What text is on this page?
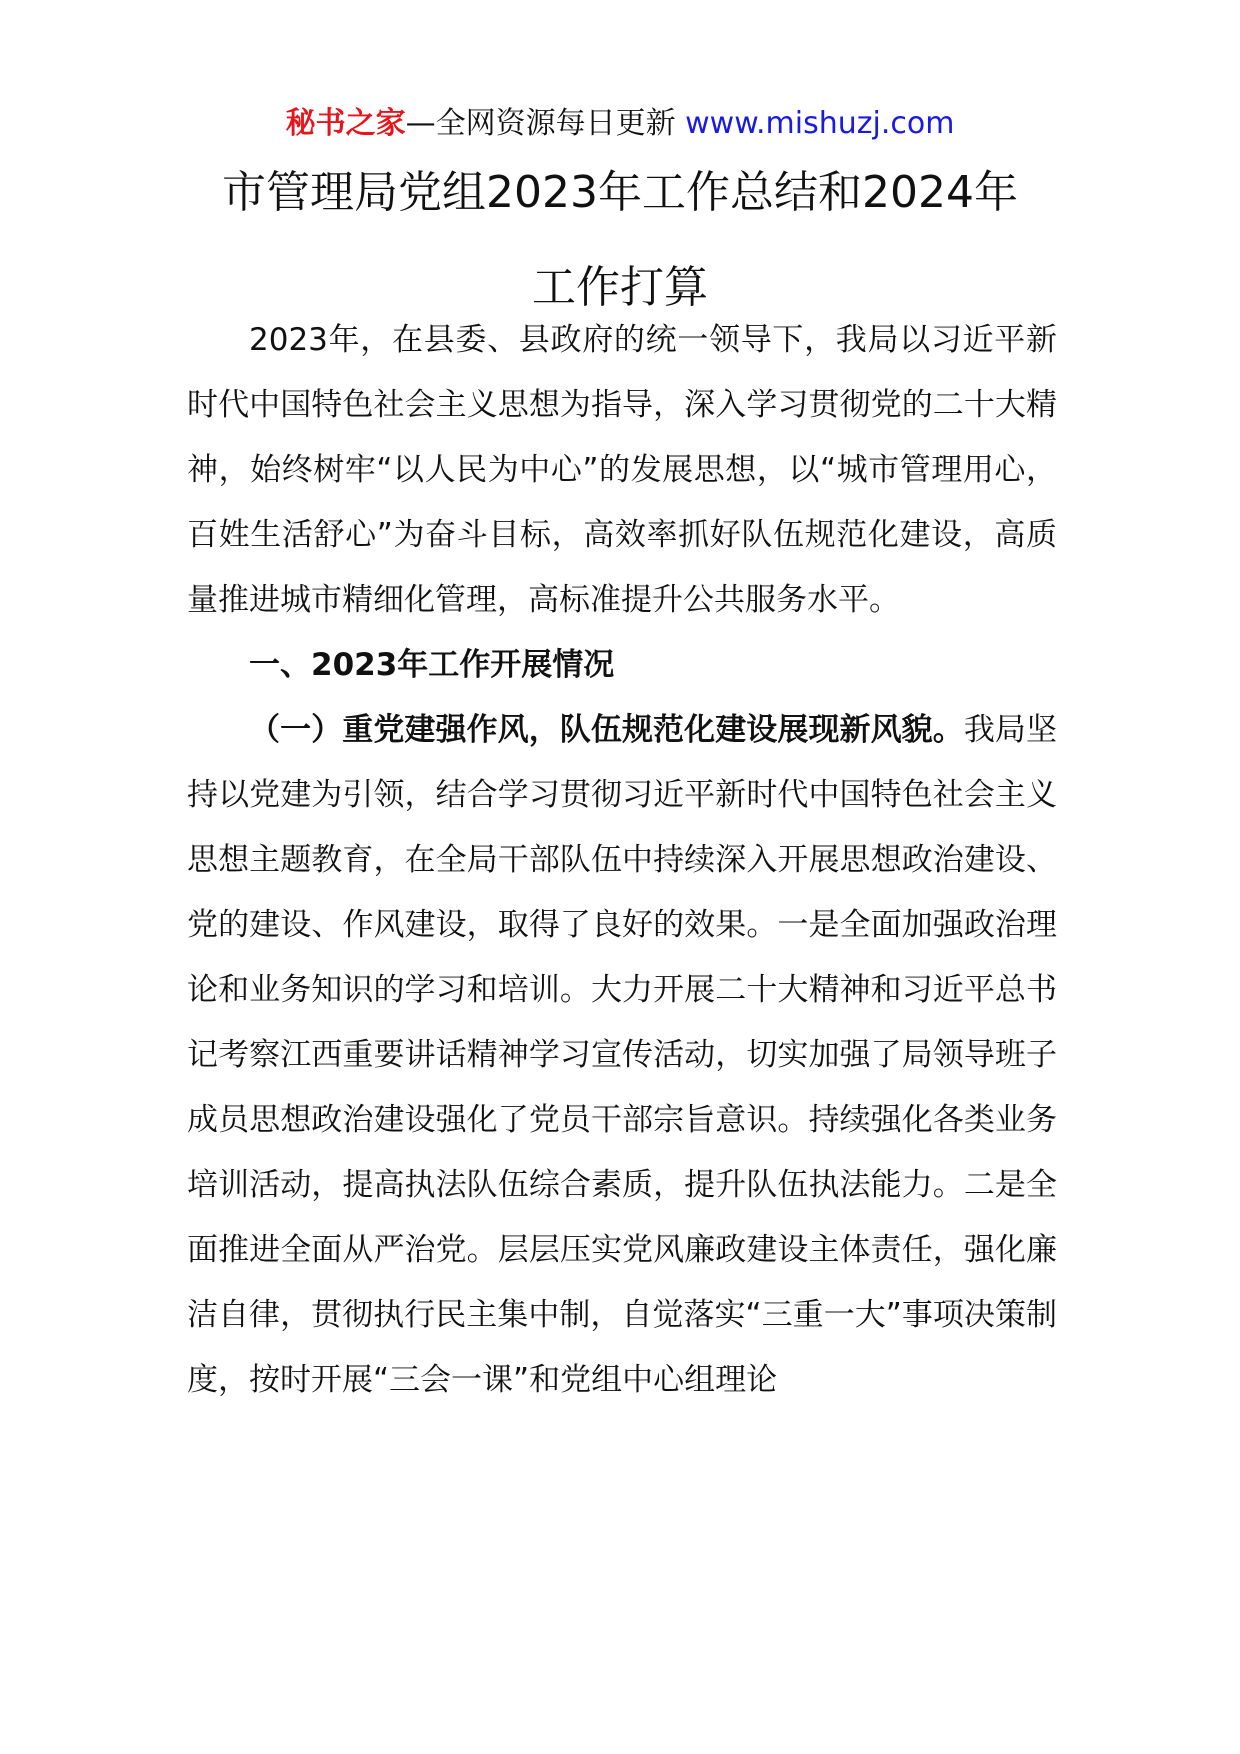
秘书之家—全网资源每日更新 www.mishuzj.com
市管理局党组2023年工作总结和2024年
工作打算

2023年，在县委、县政府的统一领导下，我局以习近平新时代中国特色社会主义思想为指导，深入学习贯彻党的二十大精神，始终树牢“以人民为中心”的发展思想，以“城市管理用心，百姓生活舒心”为奋斗目标，高效率抓好队伍规范化建设，高质量推进城市精细化管理，高标准提升公共服务水平。

一、2023年工作开展情况

（一）重党建强作风，队伍规范化建设展现新风貌。我局坚持以党建为引领，结合学习贯彻习近平新时代中国特色社会主义思想主题教育，在全局干部队伍中持续深入开展思想政治建设、党的建设、作风建设，取得了良好的效果。一是全面加强政治理论和业务知识的学习和培训。大力开展二十大精神和习近平总书记考察江西重要讲话精神学习宣传活动，切实加强了局领导班子成员思想政治建设强化了党员干部宗旨意识。持续强化各类业务培训活动，提高执法队伍综合素质，提升队伍执法能力。二是全面推进全面从严治党。层层压实党风廉政建设主体责任，强化廉洁自律，贯彻执行民主集中制，自觉落实“三重一大”事项决策制度，按时开展“三会一课”和党组中心组理论
